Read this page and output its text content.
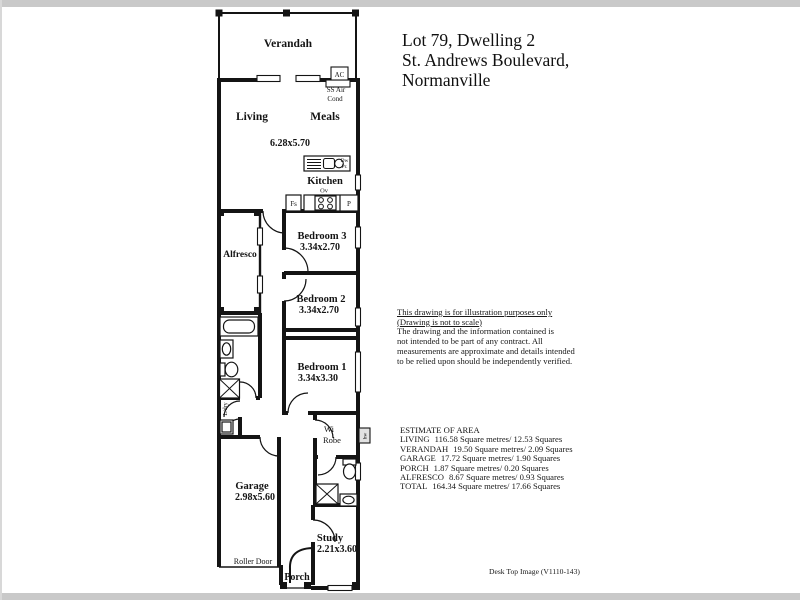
Verandah
Living	Meals
6.28x5.70
AC
SS Air
Cond
Kitchen
Ov
Fs	P
Dw
Pr.
Alfresco
Bedroom 3
3.34x2.70
Bedroom 2
3.34x2.70
Bedroom 1
3.34x3.30
Wi
Robe	hw
L/dry
Garage
2.98x5.60
Roller Door
Study
2.21x3.60
Porch
Lot 79, Dwelling 2
St. Andrews Boulevard,
Normanville
This drawing is for illustration purposes only
(Drawing is not to scale)
The drawing and the information contained is
not intended to be part of any contract. All
measurements are approximate and details intended
to be relied upon should be independently verified.
ESTIMATE OF AREA
LIVING 116.58 Square metres/ 12.53 Squares
VERANDAH 19.50 Square metres/ 2.09 Squares
GARAGE 17.72 Square metres/ 1.90 Squares
PORCH 1.87 Square metres/ 0.20 Squares
ALFRESCO 8.67 Square metres/ 0.93 Squares
TOTAL 164.34 Square metres/ 17.66 Squares
Desk Top Image (V1110-143)
